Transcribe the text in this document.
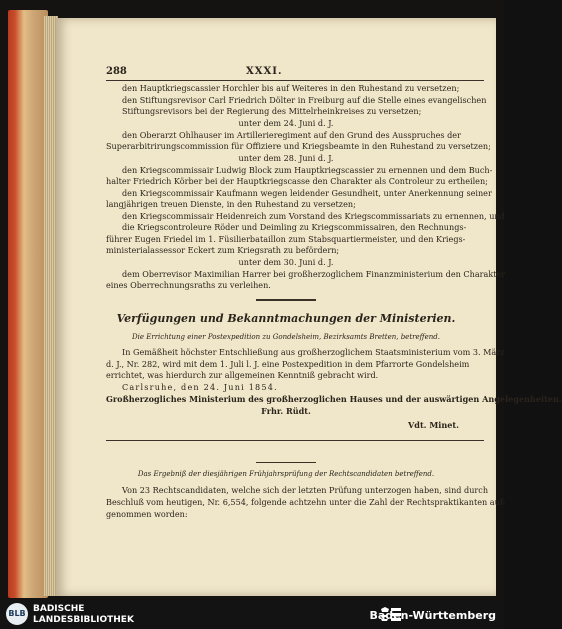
288	XXXI.
den Hauptkriegscassier Horchler bis auf Weiteres in den Ruhestand zu versetzen;
den Stiftungsrevisor Carl Friedrich Dölter in Freiburg auf die Stelle eines evangelischen
Stiftungsrevisors bei der Regierung des Mittelrheinkreises zu versetzen;
unter dem 24. Juni d. J.
den Oberarzt Ohlhauser im Artillerieregiment auf den Grund des Ausspruches der
Superarbitrirungscommission für Offiziere und Kriegsbeamte in den Ruhestand zu versetzen;
unter dem 28. Juni d. J.
den Kriegscommissair Ludwig Block zum Hauptkriegscassier zu ernennen und dem Buch-
halter Friedrich Körber bei der Hauptkriegscasse den Charakter als Controleur zu ertheilen;
den Kriegscommissair Kaufmann wegen leidender Gesundheit, unter Anerkennung seiner
langjährigen treuen Dienste, in den Ruhestand zu versetzen;
den Kriegscommissair Heidenreich zum Vorstand des Kriegscommissariats zu ernennen, und
die Kriegscontroleure Röder und Deimling zu Kriegscommissairen, den Rechnungs-
führer Eugen Friedel im 1. Füsilierbataillon zum Stabsquartiermeister, und den Kriegs-
ministerialassessor Eckert zum Kriegsrath zu befördern;
unter dem 30. Juni d. J.
dem Oberrevisor Maximilian Harrer bei großherzoglichem Finanzministerium den Charakter
eines Oberrechnungsraths zu verleihen.
Verfügungen und Bekanntmachungen der Ministerien.
Die Errichtung einer Postexpedition zu Gondelsheim, Bezirksamts Bretten, betreffend.
In Gemäßheit höchster Entschließung aus großherzoglichem Staatsministerium vom 3. März
d. J., Nr. 282, wird mit dem 1. Juli l. J. eine Postexpedition in dem Pfarrorte Gondelsheim
errichtet, was hierdurch zur allgemeinen Kenntniß gebracht wird.
Carlsruhe, den 24. Juni 1854.
Großherzogliches Ministerium des großherzoglichen Hauses und der auswärtigen Angelegenheiten.
Frhr. Rüdt.
Vdt. Minet.
Das Ergebniß der diesjährigen Frühjahrsprüfung der Rechtscandidaten betreffend.
Von 23 Rechtscandidaten, welche sich der letzten Prüfung unterzogen haben, sind durch
Beschluß vom heutigen, Nr. 6,554, folgende achtzehn unter die Zahl der Rechtspraktikanten auf-
genommen worden:
BLB BADISCHE
LANDESBIBLIOTHEK	Baden-Württemberg
